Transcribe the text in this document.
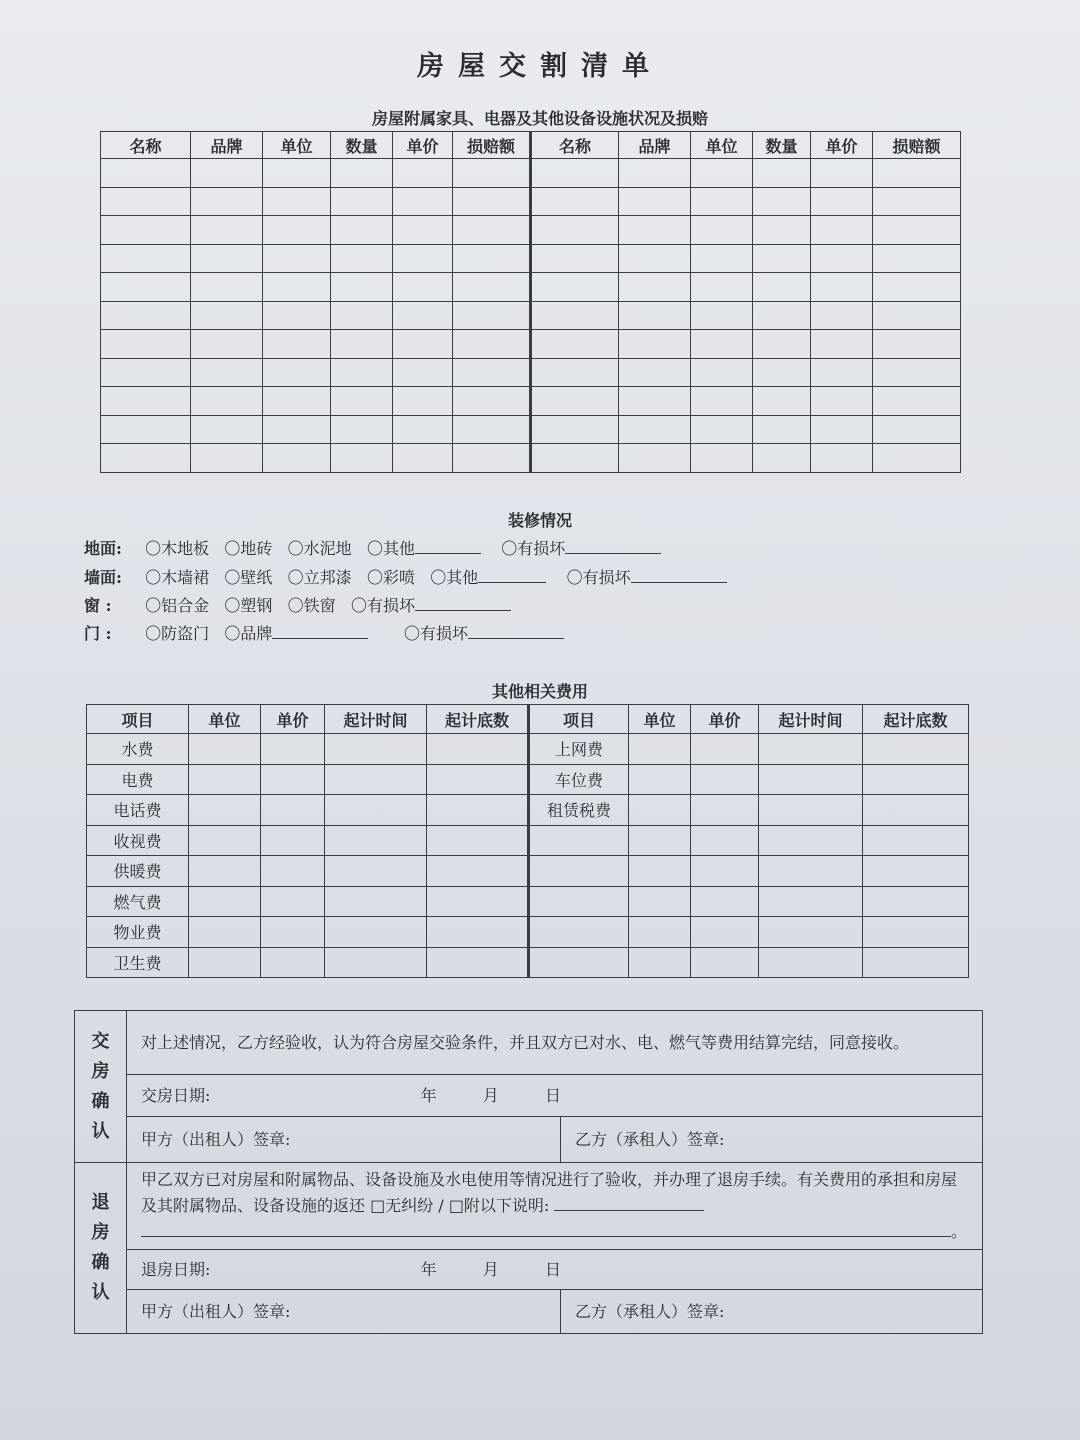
房屋交割清单
房屋附属家具、电器及其他设备设施状况及损赔
名称	品牌	单位	数量	单价	损赔额	名称	品牌	单位	数量	单价	损赔额

装修情况
地面: 〇木地板 〇地砖 〇水泥地 〇其他	〇有损坏
墙面: 〇木墙裙 〇壁纸 〇立邦漆 〇彩喷 〇其他	〇有损坏
窗 : 〇铝合金 〇塑钢 〇铁窗 〇有损坏
门 : 〇防盗门 〇品牌	〇有损坏
其他相关费用
项目	单位	单价	起计时间	起计底数	项目	单位	单价	起计时间	起计底数
水费					上网费				
电费					车位费				
电话费					租赁税费				
收视费									
供暖费									
燃气费									
物业费									
卫生费									
交
房
确
认	对上述情况，乙方经验收，认为符合房屋交验条件，并且双方已对水、电、燃气等费用结算完结，同意接收。	
	交房日期: 年 月 日	
	甲方（出租人）签章:	乙方（承租人）签章:
退
房
确
认	甲乙双方已对房屋和附属物品、设备设施及水电使用等情况进行了验收，并办理了退房手续。有关费用的承担和房屋及其附属物品、设备设施的返还 □无纠纷 / □附以下说明:
。	
	退房日期: 年 月 日	
	甲方（出租人）签章:	乙方（承租人）签章:
